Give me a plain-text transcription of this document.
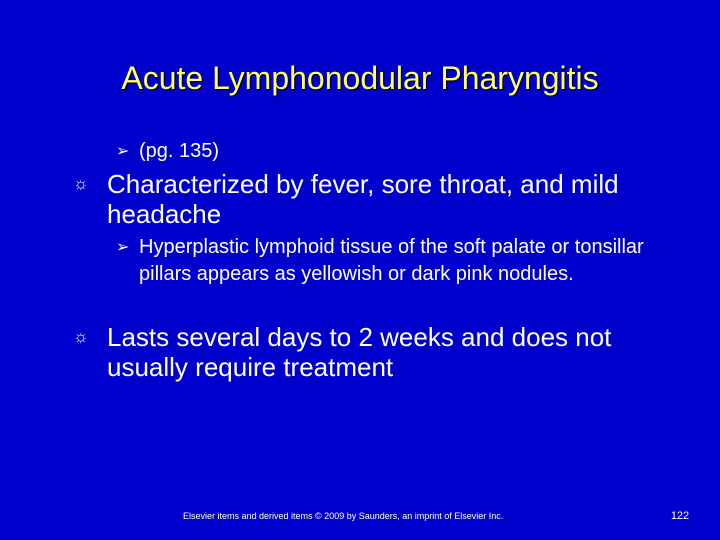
Acute Lymphonodular Pharyngitis
➢ (pg. 135)
☼ Characterized by fever, sore throat, and mild headache
➢ Hyperplastic lymphoid tissue of the soft palate or tonsillar pillars appears as yellowish or dark pink nodules.
☼ Lasts several days to 2 weeks and does not usually require treatment
Elsevier items and derived items © 2009 by Saunders, an imprint of Elsevier Inc.	122
